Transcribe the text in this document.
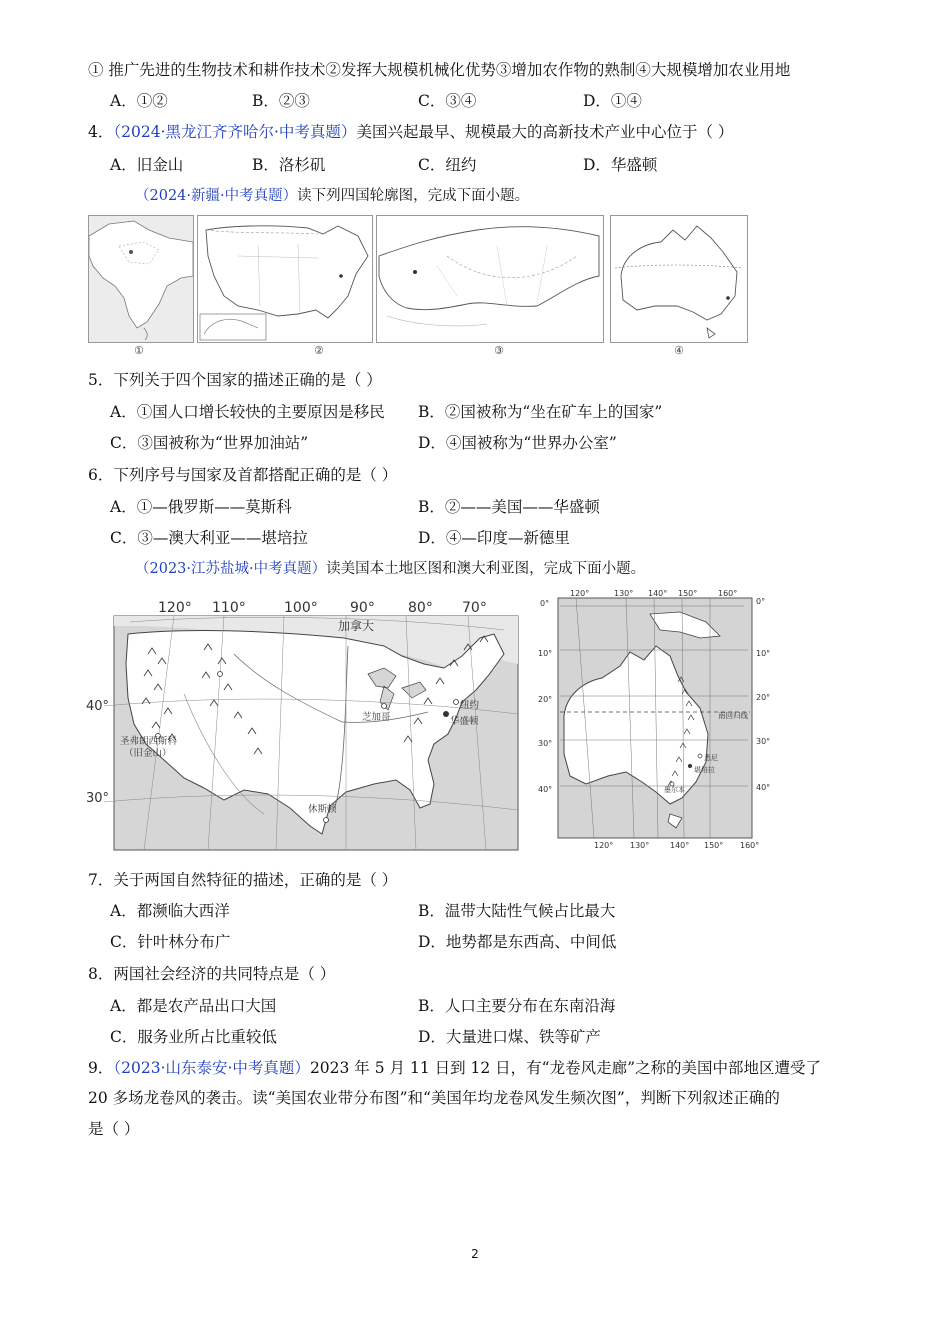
① 推广先进的生物技术和耕作技术②发挥大规模机械化优势③增加农作物的熟制④大规模增加农业用地
A．①②	B．②③	C．③④	D．①④
4．（2024·黑龙江齐齐哈尔·中考真题）美国兴起最早、规模最大的高新技术产业中心位于（ ）
A．旧金山	B．洛杉矶	C．纽约	D．华盛顿
（2024·新疆·中考真题）读下列四国轮廓图，完成下面小题。
①	②	③	④
5．下列关于四个国家的描述正确的是（ ）
A．①国人口增长较快的主要原因是移民 B．②国被称为“坐在矿车上的国家”
C．③国被称为“世界加油站”	D．④国被称为“世界办公室”
6．下列序号与国家及首都搭配正确的是（ ）
A．①—俄罗斯——莫斯科	B．②——美国——华盛顿
C．③—澳大利亚——堪培拉	D．④—印度—新德里
（2023·江苏盐城·中考真题）读美国本土地区图和澳大利亚图，完成下面小题。
120° 110°	100° 90° 80° 70°
40°
30°
加拿大
芝加哥
纽约
华盛顿
圣弗朗西斯科
（旧金山）
休斯顿
120°	130° 140° 150°	160°
120° 130°	140° 150° 160°
0°
10°
20°
30°
40°
0°
10°
20°
30°
40°
南回归线
悉尼
堪培拉
墨尔本
7．关于两国自然特征的描述，正确的是（ ）
A．都濒临大西洋	B．温带大陆性气候占比最大
C．针叶林分布广	D．地势都是东西高、中间低
8．两国社会经济的共同特点是（ ）
A．都是农产品出口大国	B．人口主要分布在东南沿海
C．服务业所占比重较低	D．大量进口煤、铁等矿产
9．（2023·山东泰安·中考真题）2023 年 5 月 11 日到 12 日，有“龙卷风走廊”之称的美国中部地区遭受了
20 多场龙卷风的袭击。读“美国农业带分布图”和“美国年均龙卷风发生频次图”，判断下列叙述正确的
是（ ）
2
